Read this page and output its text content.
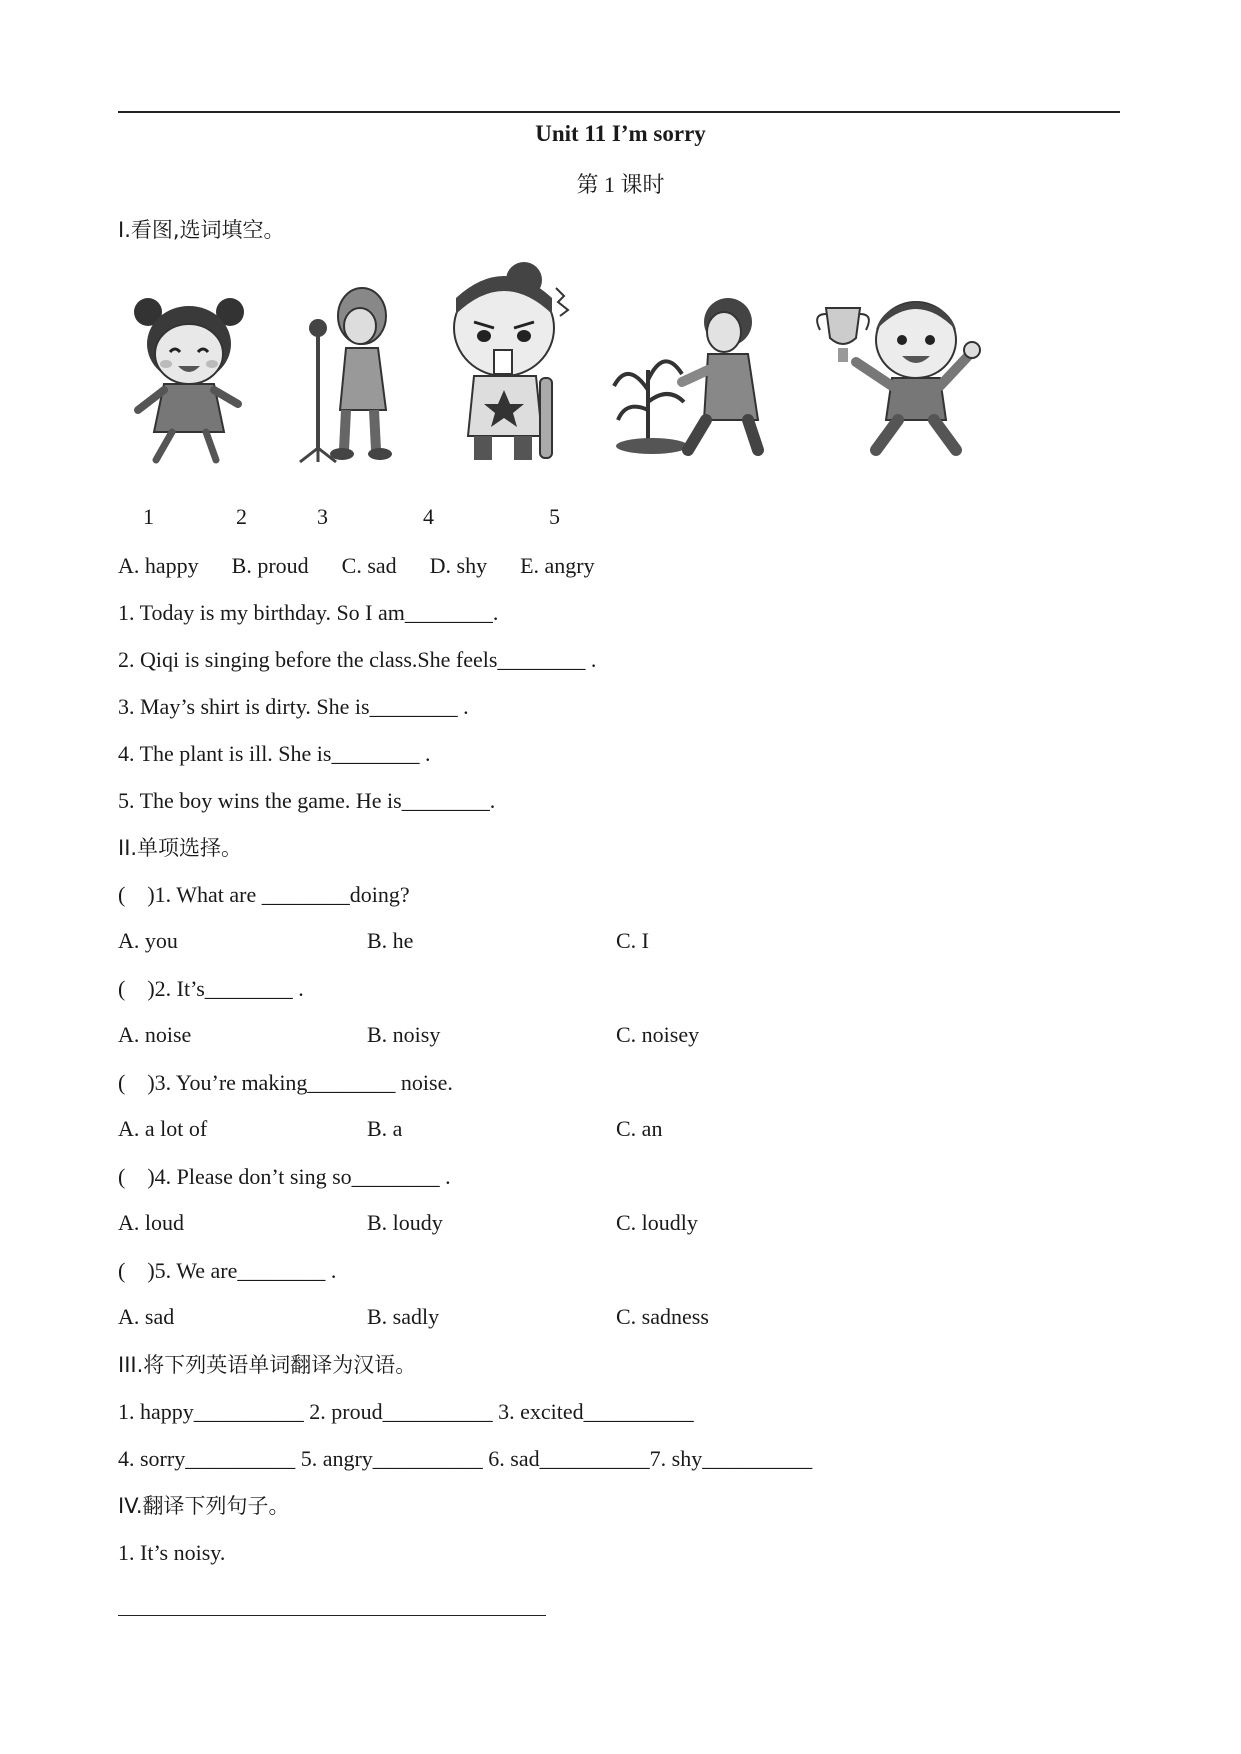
Unit 11 I’m sorry
第 1 课时
I.看图,选词填空。
1	2	3	4	5
A. happy      B. proud      C. sad      D. shy      E. angry
1. Today is my birthday. So I am________.
2. Qiqi is singing before the class.She feels________ .
3. May’s shirt is dirty. She is________ .
4. The plant is ill. She is________ .
5. The boy wins the game. He is________.
II.单项选择。
(    )1. What are ________doing?
A. you	B. he	C. I
(    )2. It’s________ .
A. noise	B. noisy	C. noisey
(    )3. You’re making________ noise.
A. a lot of	B. a	C. an
(    )4. Please don’t sing so________ .
A. loud	B. loudy	C. loudly
(    )5. We are________ .
A. sad	B. sadly	C. sadness
III.将下列英语单词翻译为汉语。
1. happy__________ 2. proud__________ 3. excited__________
4. sorry__________ 5. angry__________ 6. sad__________7. shy__________
IV.翻译下列句子。
1. It’s noisy.
